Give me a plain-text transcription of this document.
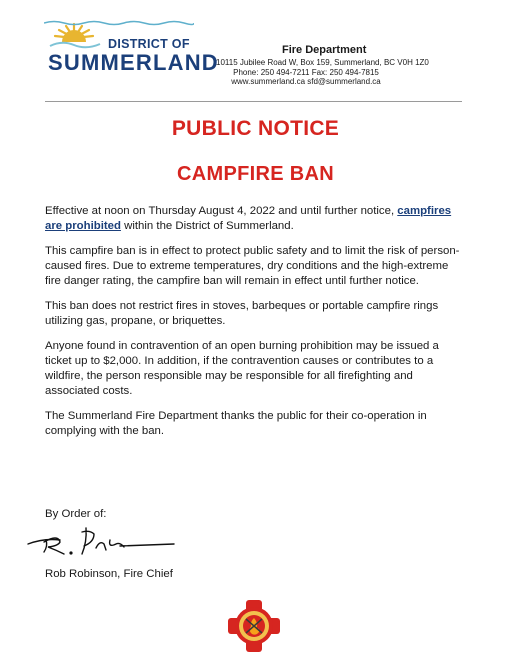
DISTRICT OF
SUMMERLAND	Fire Department
10115 Jubilee Road W, Box 159, Summerland, BC V0H 1Z0
Phone: 250 494-7211 Fax: 250 494-7815
www.summerland.ca sfd@summerland.ca
PUBLIC NOTICE
CAMPFIRE BAN

Effective at noon on Thursday August 4, 2022 and until further notice, campfires are prohibited within the District of Summerland.

This campfire ban is in effect to protect public safety and to limit the risk of person-caused fires. Due to extreme temperatures, dry conditions and the high-extreme fire danger rating, the campfire ban will remain in effect until further notice.

This ban does not restrict fires in stoves, barbeques or portable campfire rings utilizing gas, propane, or briquettes.

Anyone found in contravention of an open burning prohibition may be issued a ticket up to $2,000. In addition, if the contravention causes or contributes to a wildfire, the person responsible may be responsible for all firefighting and associated costs.

The Summerland Fire Department thanks the public for their co-operation in complying with the ban.

By Order of:
Rob Robinson, Fire Chief
